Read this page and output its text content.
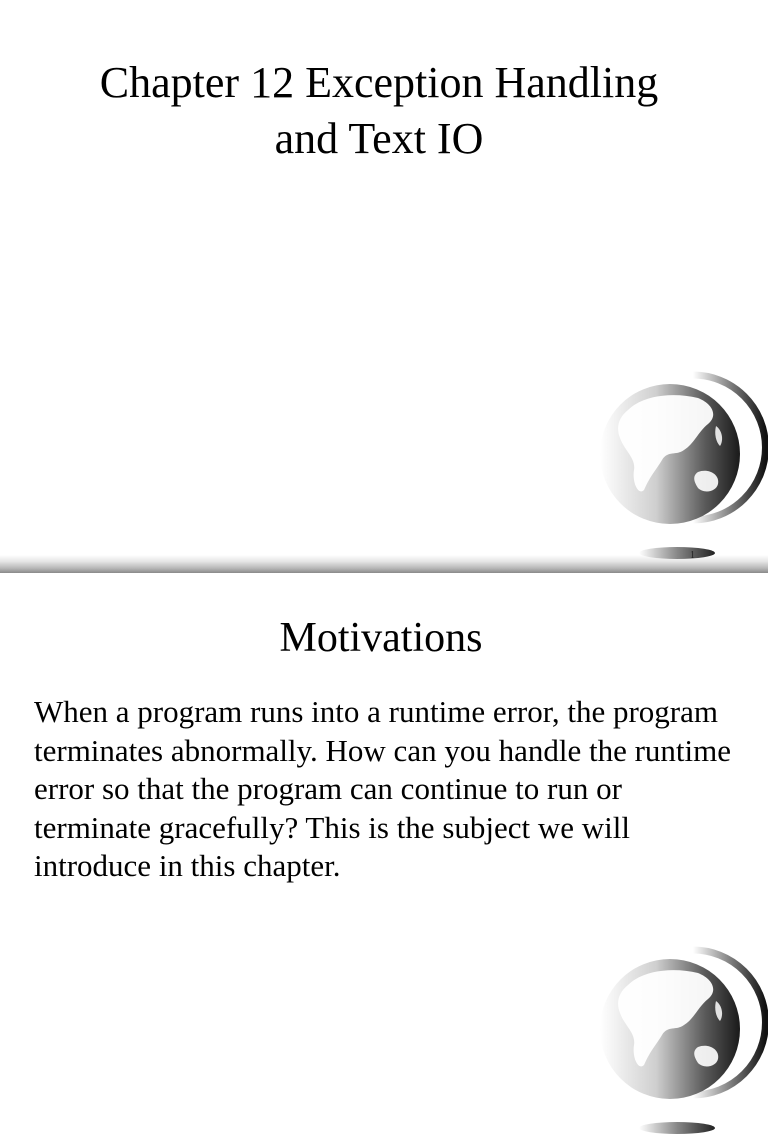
Chapter 12 Exception Handling
and Text IO
1
Motivations
When a program runs into a runtime error, the program terminates abnormally. How can you handle the runtime error so that the program can continue to run or terminate gracefully? This is the subject we will introduce in this chapter.
